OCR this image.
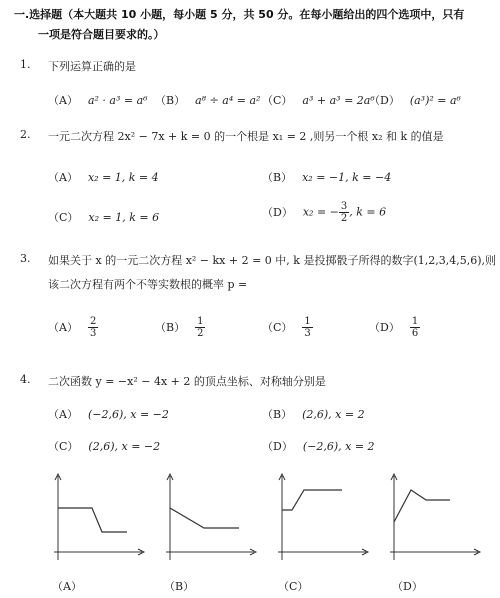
一.选择题（本大题共 10 小题，每小题 5 分，共 50 分。在每小题给出的四个选项中，只有
一项是符合题目要求的。）
1. 下列运算正确的是
（A） a² · a³ = a⁶ （B） a⁸ ÷ a⁴ = a² （C） a³ + a³ = 2a⁶
（D） (a³)² = a⁶
2. 一元二次方程 2x² − 7x + k = 0 的一个根是 x₁ = 2 ,则另一个根 x₂ 和 k 的值是
（A） x₂ = 1, k = 4	（B） x₂ = −1, k = −4
（C） x₂ = 1, k = 6	（D） x₂ = − $\frac{3}{2}$ , k = 6
3. 如果关于 x 的一元二次方程 x² − kx + 2 = 0 中, k 是投掷骰子所得的数字(1,2,3,4,5,6),则
该二次方程有两个不等实数根的概率 p =
$(A) \frac{2}{3}$	$(B) \frac{1}{2}$	$(C) \frac{1}{3}$	$(D) \frac{1}{6}$
4. 二次函数 y = −x² − 4x + 2 的顶点坐标、对称轴分别是
（A） (−2,6), x = −2	（B） (2,6), x = 2
（C） (2,6), x = −2	（D） (−2,6), x = 2
（A）	（B）	（C）	（D）
